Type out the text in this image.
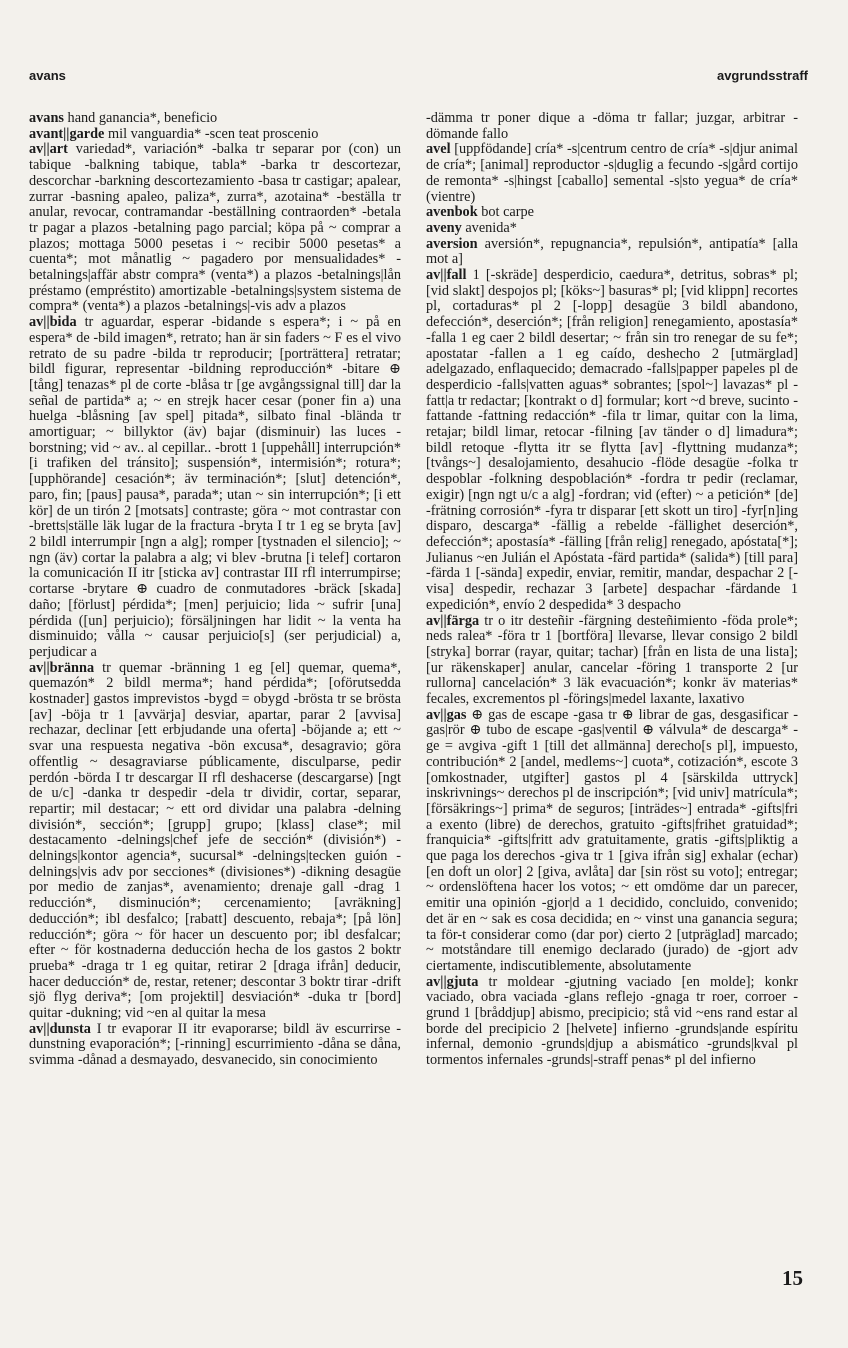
avans	avgrundsstraff

avans hand ganancia*, beneficio

avant||garde mil vanguardia* -scen teat proscenio

av||art variedad*, variación* -balka tr separar por (con) un tabique -balkning tabique, tabla* -barka tr descortezar, descorchar -barkning descortezamiento -basa tr castigar; apalear, zurrar -basning apaleo, paliza*, zurra*, azotaina* -beställa tr anular, revocar, contramandar -beställning contraorden* -betala tr pagar a plazos -betalning pago parcial; köpa på ~ comprar a plazos; mottaga 5000 pesetas i ~ recibir 5000 pesetas* a cuenta*; mot månatlig ~ pagadero por mensualidades* -betalnings|affär abstr compra* (venta*) a plazos -betalnings|lån préstamo (empréstito) amortizable -betalnings|system sistema de compra* (venta*) a plazos -betalnings|-vis adv a plazos

av||bida tr aguardar, esperar -bidande s espera*; i ~ på en espera* de -bild imagen*, retrato; han är sin faders ~ F es el vivo retrato de su padre -bilda tr reproducir; [porträttera] retratar; bildl figurar, representar -bildning reproducción* -bitare ⊕ [tång] tenazas* pl de corte -blåsa tr [ge avgångssignal till] dar la señal de partida* a; ~ en strejk hacer cesar (poner fin a) una huelga -blåsning [av spel] pitada*, silbato final -blända tr amortiguar; ~ billyktor (äv) bajar (disminuir) las luces -borstning; vid ~ av.. al cepillar.. -brott 1 [uppehåll] interrupción* [i trafiken del tránsito]; suspensión*, intermisión*; rotura*; [upphörande] cesación*; äv terminación*; [slut] detención*, paro, fin; [paus] pausa*, parada*; utan ~ sin interrupción*; [i ett kör] de un tirón 2 [motsats] contraste; göra ~ mot contrastar con -bretts|ställe läk lugar de la fractura -bryta I tr 1 eg se bryta [av] 2 bildl interrumpir [ngn a alg]; romper [tystnaden el silencio]; ~ ngn (äv) cortar la palabra a alg; vi blev -brutna [i telef] cortaron la comunicación II itr [sticka av] contrastar III rfl interrumpirse; cortarse -brytare ⊕ cuadro de conmutadores -bräck [skada] daño; [förlust] pérdida*; [men] perjuicio; lida ~ sufrir [una] pérdida ([un] perjuicio); försäljningen har lidit ~ la venta ha disminuido; vålla ~ causar perjuicio[s] (ser perjudicial) a, perjudicar a

av||bränna tr quemar -bränning 1 eg [el] quemar, quema*, quemazón* 2 bildl merma*; hand pérdida*; [oförutsedda kostnader] gastos imprevistos -bygd = obygd -brösta tr se brösta [av] -böja tr 1 [avvärja] desviar, apartar, parar 2 [avvisa] rechazar, declinar [ett erbjudande una oferta] -böjande a; ett ~ svar una respuesta negativa -bön excusa*, desagravio; göra offentlig ~ desagraviarse públicamente, disculparse, pedir perdón -börda I tr descargar II rfl deshacerse (descargarse) [ngt de u/c] -danka tr despedir -dela tr dividir, cortar, separar, repartir; mil destacar; ~ ett ord dividar una palabra -delning división*, sección*; [grupp] grupo; [klass] clase*; mil destacamento -delnings|chef jefe de sección* (división*) -delnings|kontor agencia*, sucursal* -delnings|tecken guión -delnings|vis adv por secciones* (divisiones*) -dikning desagüe por medio de zanjas*, avenamiento; drenaje gall -drag 1 reducción*, disminución*; cercenamiento; [avräkning] deducción*; ibl desfalco; [rabatt] descuento, rebaja*; [på lön] reducción*; göra ~ för hacer un descuento por; ibl desfalcar; efter ~ för kostnaderna deducción hecha de los gastos 2 boktr prueba* -draga tr 1 eg quitar, retirar 2 [draga ifrån] deducir, hacer deducción* de, restar, retener; descontar 3 boktr tirar -drift sjö flyg deriva*; [om projektil] desviación* -duka tr [bord] quitar -dukning; vid ~en al quitar la mesa

av||dunsta I tr evaporar II itr evaporarse; bildl äv escurrirse -dunstning evaporación*; [-rinning] escurrimiento -dåna se dåna, svimma -dånad a desmayado, desvanecido, sin conocimiento

-dämma tr poner dique a -döma tr fallar; juzgar, arbitrar -dömande fallo

avel [uppfödande] cría* -s|centrum centro de cría* -s|djur animal de cría*; [animal] reproductor -s|duglig a fecundo -s|gård cortijo de remonta* -s|hingst [caballo] semental -s|sto yegua* de cría* (vientre)

avenbok bot carpe

aveny avenida*

aversion aversión*, repugnancia*, repulsión*, antipatía* [alla mot a]

av||fall 1 [-skräde] desperdicio, caedura*, detritus, sobras* pl; [vid slakt] despojos pl; [köks~] basuras* pl; [vid klippn] recortes pl, cortaduras* pl 2 [-lopp] desagüe 3 bildl abandono, defección*, deserción*; [från religion] renegamiento, apostasía* -falla 1 eg caer 2 bildl desertar; ~ från sin tro renegar de su fe*; apostatar -fallen a 1 eg caído, deshecho 2 [utmärglad] adelgazado, enflaquecido; demacrado -falls|papper papeles pl de desperdicio -falls|vatten aguas* sobrantes; [spol~] lavazas* pl -fatt|a tr redactar; [kontrakt o d] formular; kort ~d breve, sucinto -fattande -fattning redacción* -fila tr limar, quitar con la lima, retajar; bildl limar, retocar -filning [av tänder o d] limadura*; bildl retoque -flytta itr se flytta [av] -flyttning mudanza*; [tvångs~] desalojamiento, desahucio -flöde desagüe -folka tr despoblar -folkning despoblación* -fordra tr pedir (reclamar, exigir) [ngn ngt u/c a alg] -fordran; vid (efter) ~ a petición* [de] -frätning corrosión* -fyra tr disparar [ett skott un tiro] -fyr[n]ing disparo, descarga* -fällig a rebelde -fällighet deserción*, defección*; apostasía* -fälling [från relig] renegado, apóstata[*]; Julianus ~en Julián el Apóstata -färd partida* (salida*) [till para] -färda 1 [-sända] expedir, enviar, remitir, mandar, despachar 2 [-visa] despedir, rechazar 3 [arbete] despachar -färdande 1 expedición*, envío 2 despedida* 3 despacho

av||färga tr o itr desteñir -färgning desteñimiento -föda prole*; neds ralea* -föra tr 1 [bortföra] llevarse, llevar consigo 2 bildl [stryka] borrar (rayar, quitar; tachar) [från en lista de una lista]; [ur räkenskaper] anular, cancelar -föring 1 transporte 2 [ur rullorna] cancelación* 3 läk evacuación*; konkr äv materias* fecales, excrementos pl -förings|medel laxante, laxativo

av||gas ⊕ gas de escape -gasa tr ⊕ librar de gas, desgasificar -gas|rör ⊕ tubo de escape -gas|ventil ⊕ válvula* de descarga* -ge = avgiva -gift 1 [till det allmänna] derecho[s pl], impuesto, contribución* 2 [andel, medlems~] cuota*, cotización*, escote 3 [omkostnader, utgifter] gastos pl 4 [särskilda uttryck] inskrivnings~ derechos pl de inscripción*; [vid univ] matrícula*; [försäkrings~] prima* de seguros; [inträdes~] entrada* -gifts|fri a exento (libre) de derechos, gratuito -gifts|frihet gratuidad*; franquicia* -gifts|fritt adv gratuitamente, gratis -gifts|pliktig a que paga los derechos -giva tr 1 [giva ifrån sig] exhalar (echar) [en doft un olor] 2 [giva, avlåta] dar [sin röst su voto]; entregar; ~ ordenslöftena hacer los votos; ~ ett omdöme dar un parecer, emitir una opinión -gjor|d a 1 decidido, concluido, convenido; det är en ~ sak es cosa decidida; en ~ vinst una ganancia segura; ta för-t considerar como (dar por) cierto 2 [utpräglad] marcado; ~ motståndare till enemigo declarado (jurado) de -gjort adv ciertamente, indiscutiblemente, absolutamente

av||gjuta tr moldear -gjutning vaciado [en molde]; konkr vaciado, obra vaciada -glans reflejo -gnaga tr roer, corroer -grund 1 [bråddjup] abismo, precipicio; stå vid ~ens rand estar al borde del precipicio 2 [helvete] infierno -grunds|ande espíritu infernal, demonio -grunds|djup a abismático -grunds|kval pl tormentos infernales -grunds|-straff penas* pl del infierno

15
